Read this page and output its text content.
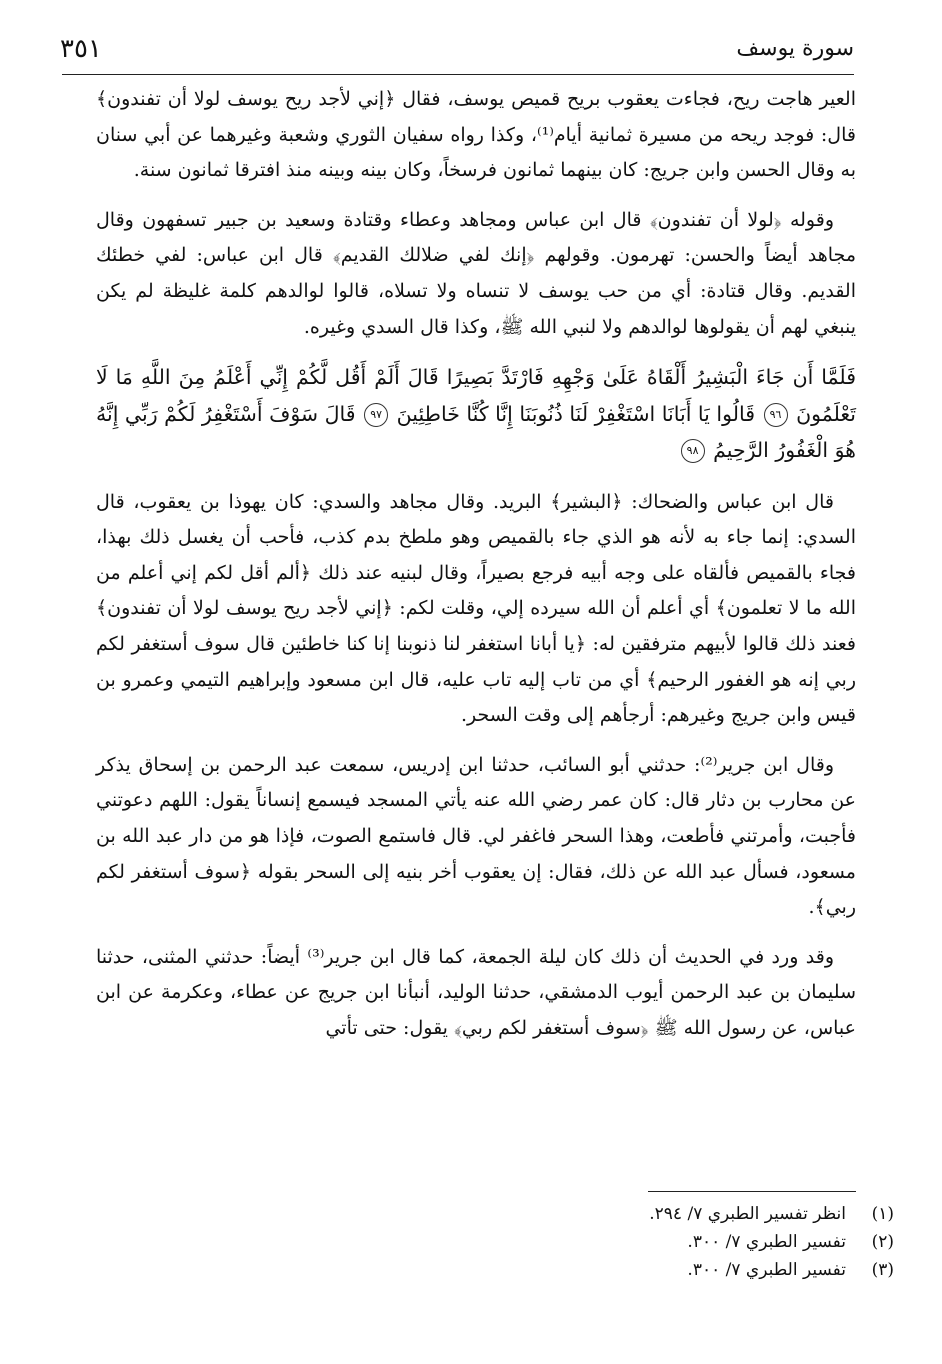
سورة يوسف
٣٥١

العير هاجت ريح، فجاءت يعقوب بريح قميص يوسف، فقال ﴿إني لأجد ريح يوسف لولا أن تفندون﴾ قال: فوجد ريحه من مسيرة ثمانية أيام⁽¹⁾، وكذا رواه سفيان الثوري وشعبة وغيرهما عن أبي سنان به وقال الحسن وابن جريج: كان بينهما ثمانون فرسخاً، وكان بينه وبينه منذ افترقا ثمانون سنة.

وقوله ﴿لولا أن تفندون﴾ قال ابن عباس ومجاهد وعطاء وقتادة وسعيد بن جبير تسفهون وقال مجاهد أيضاً والحسن: تهرمون. وقولهم ﴿إنك لفي ضلالك القديم﴾ قال ابن عباس: لفي خطئك القديم. وقال قتادة: أي من حب يوسف لا تنساه ولا تسلاه، قالوا لوالدهم كلمة غليظة لم يكن ينبغي لهم أن يقولوها لوالدهم ولا لنبي الله ﷺ، وكذا قال السدي وغيره.

فَلَمَّا أَن جَاءَ الْبَشِيرُ أَلْقَاهُ عَلَىٰ وَجْهِهِ فَارْتَدَّ بَصِيرًا قَالَ أَلَمْ أَقُل لَّكُمْ إِنِّي أَعْلَمُ مِنَ اللَّهِ مَا لَا تَعْلَمُونَ ٩٦ قَالُوا يَا أَبَانَا اسْتَغْفِرْ لَنَا ذُنُوبَنَا إِنَّا كُنَّا خَاطِئِينَ ٩٧ قَالَ سَوْفَ أَسْتَغْفِرُ لَكُمْ رَبِّي إِنَّهُ هُوَ الْغَفُورُ الرَّحِيمُ ٩٨

قال ابن عباس والضحاك: ﴿البشير﴾ البريد. وقال مجاهد والسدي: كان يهوذا بن يعقوب، قال السدي: إنما جاء به لأنه هو الذي جاء بالقميص وهو ملطخ بدم كذب، فأحب أن يغسل ذلك بهذا، فجاء بالقميص فألقاه على وجه أبيه فرجع بصيراً، وقال لبنيه عند ذلك ﴿ألم أقل لكم إني أعلم من الله ما لا تعلمون﴾ أي أعلم أن الله سيرده إلي، وقلت لكم: ﴿إني لأجد ريح يوسف لولا أن تفندون﴾ فعند ذلك قالوا لأبيهم مترفقين له: ﴿يا أبانا استغفر لنا ذنوبنا إنا كنا خاطئين قال سوف أستغفر لكم ربي إنه هو الغفور الرحيم﴾ أي من تاب إليه تاب عليه، قال ابن مسعود وإبراهيم التيمي وعمرو بن قيس وابن جريج وغيرهم: أرجأهم إلى وقت السحر.

وقال ابن جرير⁽²⁾: حدثني أبو السائب، حدثنا ابن إدريس، سمعت عبد الرحمن بن إسحاق يذكر عن محارب بن دثار قال: كان عمر رضي الله عنه يأتي المسجد فيسمع إنساناً يقول: اللهم دعوتني فأجبت، وأمرتني فأطعت، وهذا السحر فاغفر لي. قال فاستمع الصوت، فإذا هو من دار عبد الله بن مسعود، فسأل عبد الله عن ذلك، فقال: إن يعقوب أخر بنيه إلى السحر بقوله ﴿سوف أستغفر لكم ربي﴾.

وقد ورد في الحديث أن ذلك كان ليلة الجمعة، كما قال ابن جرير⁽³⁾ أيضاً: حدثني المثنى، حدثنا سليمان بن عبد الرحمن أيوب الدمشقي، حدثنا الوليد، أنبأنا ابن جريج عن عطاء، وعكرمة عن ابن عباس، عن رسول الله ﷺ ﴿سوف أستغفر لكم ربي﴾ يقول: حتى تأتي

(١)انظر تفسير الطبري ٧/ ٢٩٤.
(٢)تفسير الطبري ٧/ ٣٠٠.
(٣)تفسير الطبري ٧/ ٣٠٠.
